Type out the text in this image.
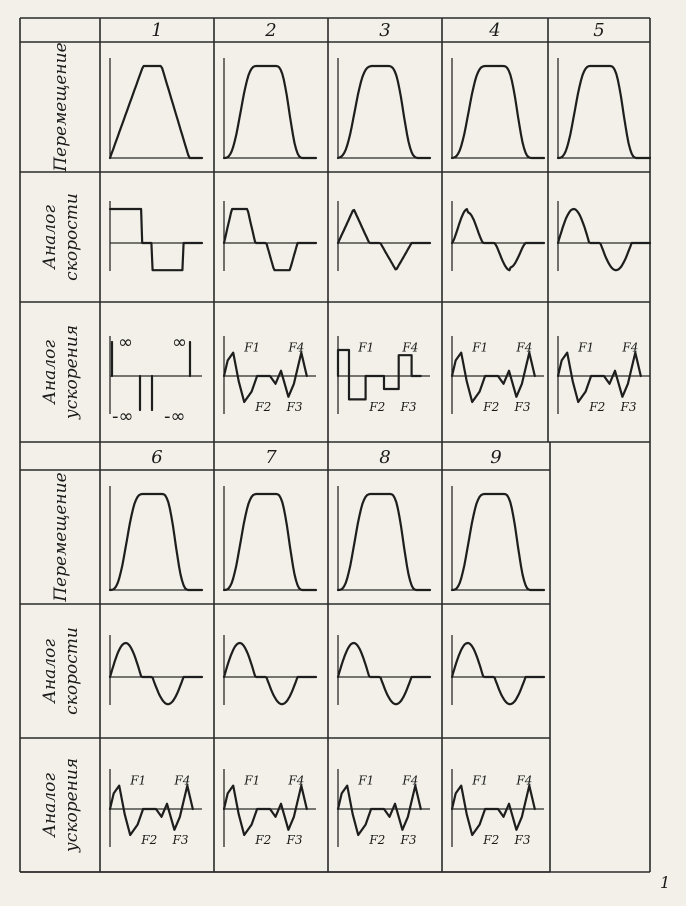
Перемещение
Аналог скорости
Аналог ускорения
Перемещение
Аналог скорости
Аналог ускорения
1	2	3	4	5
6	7	8	9
∞ ∞
-∞ -∞
F1
F2 F3
F4	F1
F2 F3
F4	F1
F2 F3
F4	F1
F2 F3
F4
F1
F2 F3
F4	F1
F2 F3
F4	F1
F2 F3
F4	F1
F2 F3
F4
1
